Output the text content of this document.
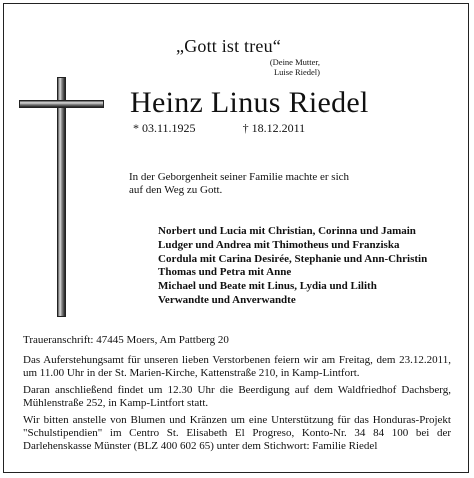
„Gott ist treu“
(Deine Mutter,
Luise Riedel)
Heinz Linus Riedel
* 03.11.1925	† 18.12.2011
In der Geborgenheit seiner Familie machte er sich
auf den Weg zu Gott.
Norbert und Lucia mit Christian, Corinna und Jamain
Ludger und Andrea mit Thimotheus und Franziska
Cordula mit Carina Desirée, Stephanie und Ann-Christin
Thomas und Petra mit Anne
Michael und Beate mit Linus, Lydia und Lilith
Verwandte und Anverwandte
Traueranschrift: 47445 Moers, Am Pattberg 20
Das Auferstehungsamt für unseren lieben Verstorbenen feiern wir am Freitag, dem 23.12.2011, um 11.00 Uhr in der St. Marien-Kirche, Kattenstraße 210, in Kamp-Lintfort.
Daran anschließend findet um 12.30 Uhr die Beerdigung auf dem Waldfriedhof Dachsberg, Mühlenstraße 252, in Kamp-Lintfort statt.
Wir bitten anstelle von Blumen und Kränzen um eine Unterstützung für das Honduras-Projekt "Schulstipendien" im Centro St. Elisabeth El Progreso, Konto-Nr. 34 84 100 bei der Darlehenskasse Münster (BLZ 400 602 65) unter dem Stichwort: Familie Riedel
